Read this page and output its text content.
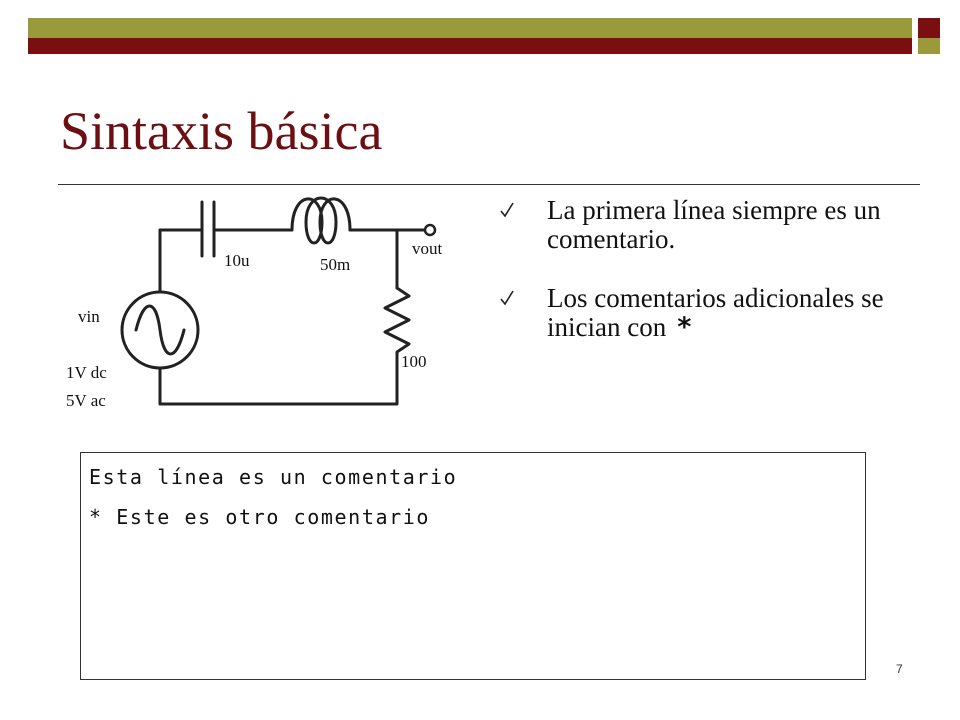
Sintaxis básica
10u	50m
vout
100
vin
1V dc
5V ac
La primera línea siempre es un comentario.
Los comentarios adicionales se inician con *
Esta línea es un comentario
* Este es otro comentario
7
